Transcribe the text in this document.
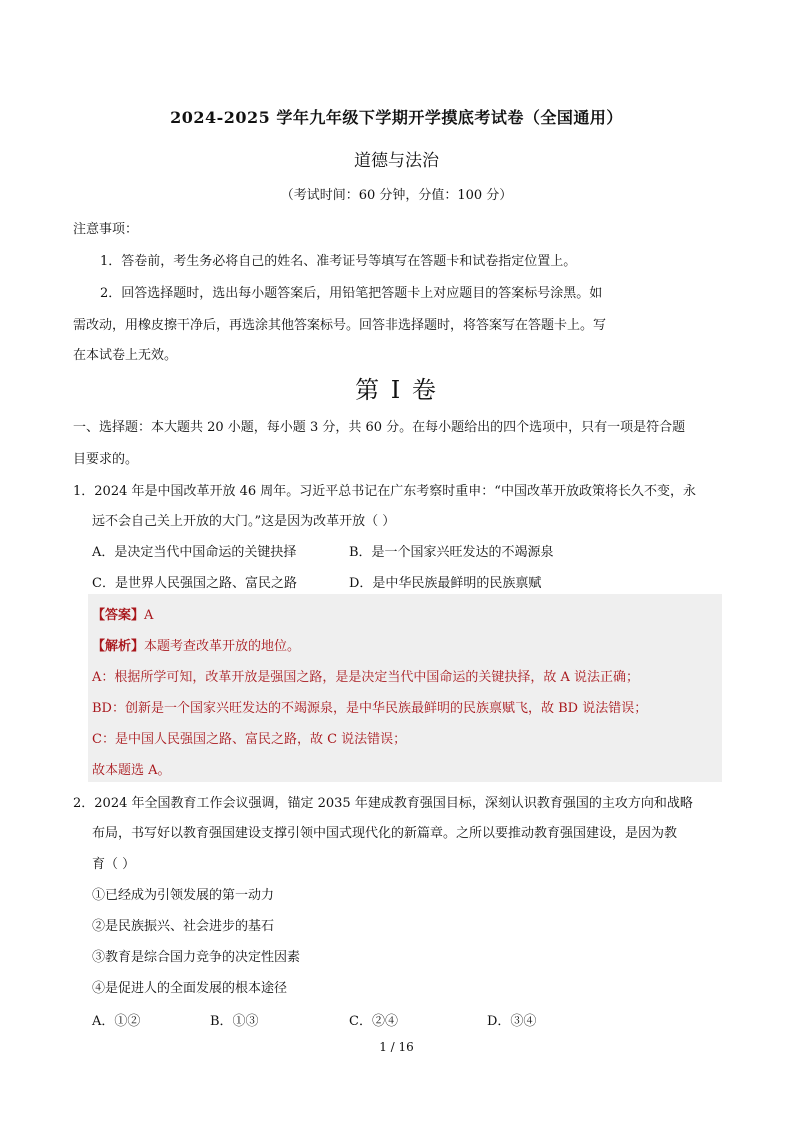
2024-2025 学年九年级下学期开学摸底考试卷（全国通用）
道德与法治
（考试时间：60 分钟，分值：100 分）
注意事项：
1．答卷前，考生务必将自己的姓名、准考证号等填写在答题卡和试卷指定位置上。
2．回答选择题时，选出每小题答案后，用铅笔把答题卡上对应题目的答案标号涂黑。如
需改动，用橡皮擦干净后，再选涂其他答案标号。回答非选择题时，将答案写在答题卡上。写
在本试卷上无效。
第 I 卷
一、选择题：本大题共 20 小题，每小题 3 分，共 60 分。在每小题给出的四个选项中，只有一项是符合题
目要求的。
1．2024 年是中国改革开放 46 周年。习近平总书记在广东考察时重申：“中国改革开放政策将长久不变，永
远不会自己关上开放的大门。”这是因为改革开放（ ）
A．是决定当代中国命运的关键抉择	B．是一个国家兴旺发达的不竭源泉
C．是世界人民强国之路、富民之路	D．是中华民族最鲜明的民族禀赋
【答案】A
【解析】本题考查改革开放的地位。
A：根据所学可知，改革开放是强国之路，是是决定当代中国命运的关键抉择，故 A 说法正确；
BD：创新是一个国家兴旺发达的不竭源泉，是中华民族最鲜明的民族禀赋飞，故 BD 说法错误；
C：是中国人民强国之路、富民之路，故 C 说法错误；
故本题选 A。
2．2024 年全国教育工作会议强调，锚定 2035 年建成教育强国目标，深刻认识教育强国的主攻方向和战略
布局，书写好以教育强国建设支撑引领中国式现代化的新篇章。之所以要推动教育强国建设，是因为教
育（ ）
①已经成为引领发展的第一动力
②是民族振兴、社会进步的基石
③教育是综合国力竞争的决定性因素
④是促进人的全面发展的根本途径
A．①②	B．①③	C．②④	D．③④
1 / 16
